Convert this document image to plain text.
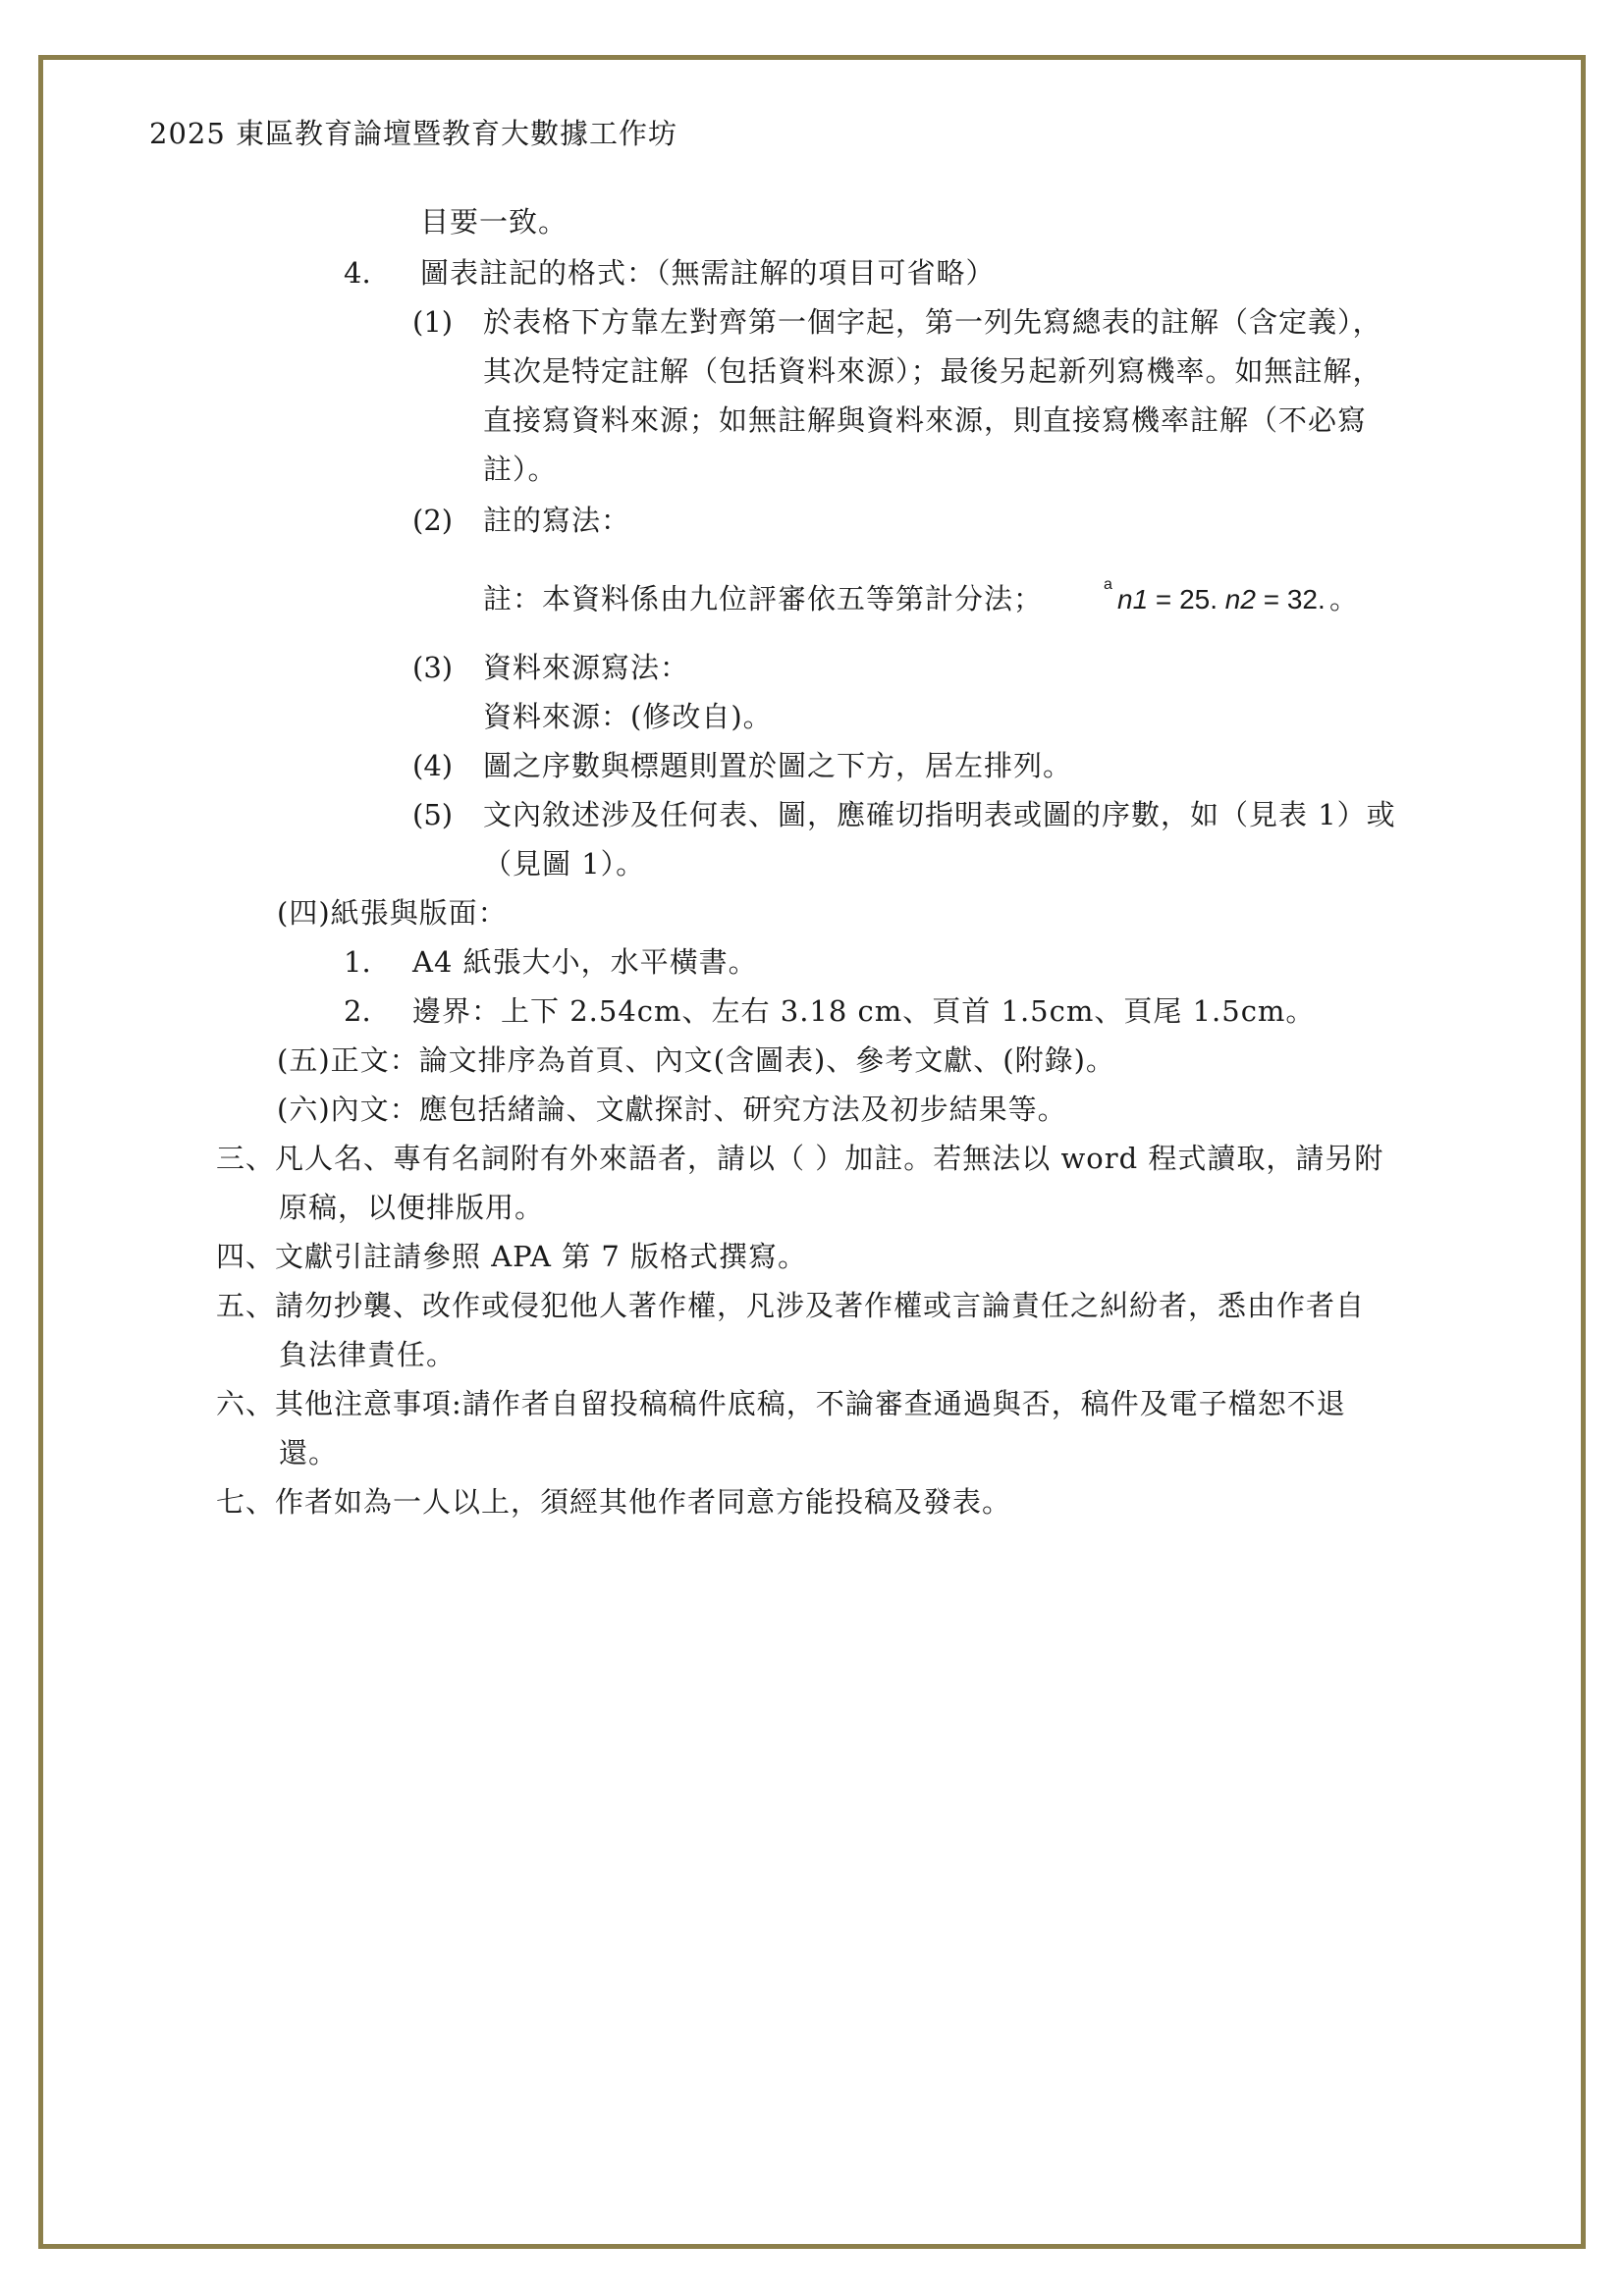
2025 東區教育論壇暨教育大數據工作坊
目要一致。
4. 圖表註記的格式：（無需註解的項目可省略）
(1) 於表格下方靠左對齊第一個字起，第一列先寫總表的註解（含定義），
其次是特定註解（包括資料來源）；最後另起新列寫機率。如無註解，
直接寫資料來源；如無註解與資料來源，則直接寫機率註解（不必寫
註）。
(2) 註的寫法：
註：本資料係由九位評審依五等第計分法；	a n1 = 25. n2 = 32. 。
(3) 資料來源寫法：
資料來源：(修改自)。
(4) 圖之序數與標題則置於圖之下方，居左排列。
(5) 文內敘述涉及任何表、圖，應確切指明表或圖的序數，如（見表 1）或
（見圖 1）。
(四)紙張與版面：
1. A4 紙張大小，水平橫書。
2. 邊界：上下 2.54cm、左右 3.18 cm、頁首 1.5cm、頁尾 1.5cm。
(五)正文：論文排序為首頁、內文(含圖表)、參考文獻、(附錄)。
(六)內文：應包括緒論、文獻探討、研究方法及初步結果等。
三、凡人名、專有名詞附有外來語者，請以（ ）加註。若無法以 word 程式讀取，請另附
原稿，以便排版用。
四、文獻引註請參照 APA 第 7 版格式撰寫。
五、請勿抄襲、改作或侵犯他人著作權，凡涉及著作權或言論責任之糾紛者，悉由作者自
負法律責任。
六、其他注意事項:請作者自留投稿稿件底稿，不論審查通過與否，稿件及電子檔恕不退
還。
七、作者如為一人以上，須經其他作者同意方能投稿及發表。
